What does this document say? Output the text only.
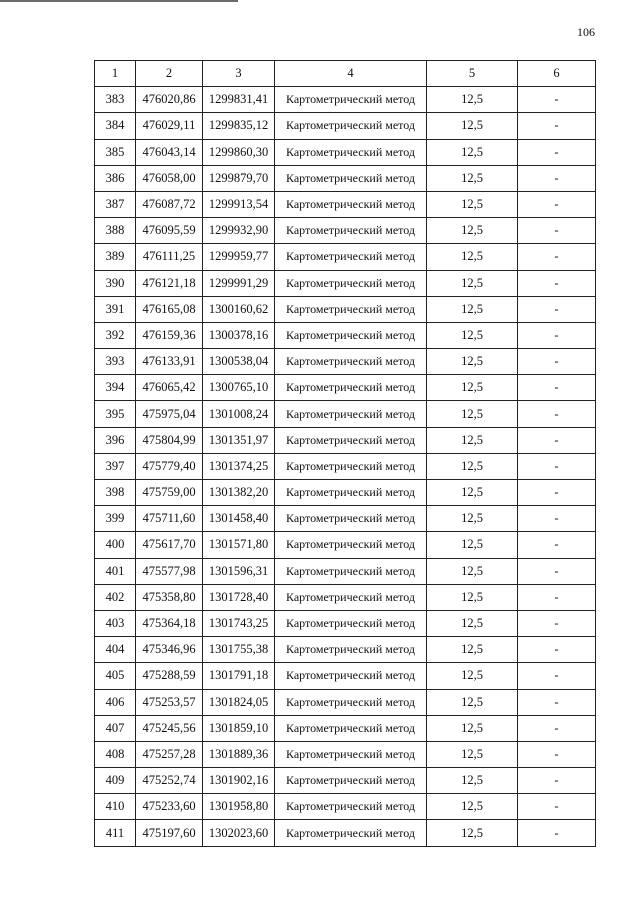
106
1	2	3	4	5	6
383	476020,86	1299831,41	Картометрический метод	12,5	-
384	476029,11	1299835,12	Картометрический метод	12,5	-
385	476043,14	1299860,30	Картометрический метод	12,5	-
386	476058,00	1299879,70	Картометрический метод	12,5	-
387	476087,72	1299913,54	Картометрический метод	12,5	-
388	476095,59	1299932,90	Картометрический метод	12,5	-
389	476111,25	1299959,77	Картометрический метод	12,5	-
390	476121,18	1299991,29	Картометрический метод	12,5	-
391	476165,08	1300160,62	Картометрический метод	12,5	-
392	476159,36	1300378,16	Картометрический метод	12,5	-
393	476133,91	1300538,04	Картометрический метод	12,5	-
394	476065,42	1300765,10	Картометрический метод	12,5	-
395	475975,04	1301008,24	Картометрический метод	12,5	-
396	475804,99	1301351,97	Картометрический метод	12,5	-
397	475779,40	1301374,25	Картометрический метод	12,5	-
398	475759,00	1301382,20	Картометрический метод	12,5	-
399	475711,60	1301458,40	Картометрический метод	12,5	-
400	475617,70	1301571,80	Картометрический метод	12,5	-
401	475577,98	1301596,31	Картометрический метод	12,5	-
402	475358,80	1301728,40	Картометрический метод	12,5	-
403	475364,18	1301743,25	Картометрический метод	12,5	-
404	475346,96	1301755,38	Картометрический метод	12,5	-
405	475288,59	1301791,18	Картометрический метод	12,5	-
406	475253,57	1301824,05	Картометрический метод	12,5	-
407	475245,56	1301859,10	Картометрический метод	12,5	-
408	475257,28	1301889,36	Картометрический метод	12,5	-
409	475252,74	1301902,16	Картометрический метод	12,5	-
410	475233,60	1301958,80	Картометрический метод	12,5	-
411	475197,60	1302023,60	Картометрический метод	12,5	-
